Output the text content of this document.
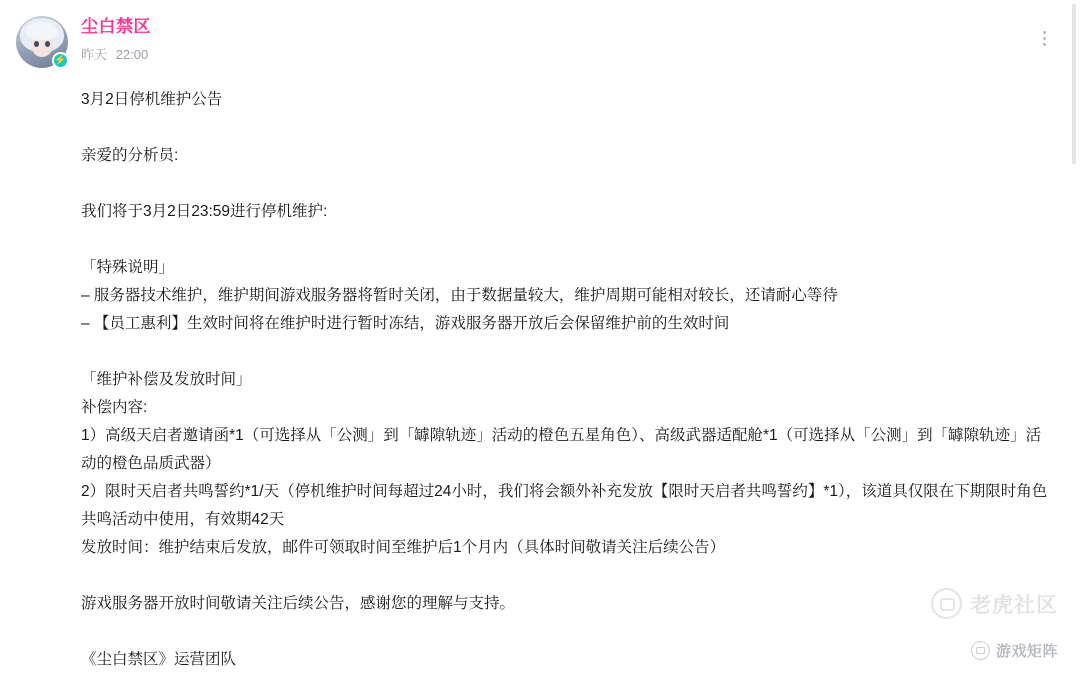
⚡
尘白禁区
昨天 22:00

3月2日停机维护公告

亲爱的分析员:

我们将于3月2日23:59进行停机维护:

「特殊说明」

– 服务器技术维护，维护期间游戏服务器将暂时关闭，由于数据量较大，维护周期可能相对较长，还请耐心等待

– 【员工惠利】生效时间将在维护时进行暂时冻结，游戏服务器开放后会保留维护前的生效时间

「维护补偿及发放时间」

补偿内容:

1）高级天启者邀请函*1（可选择从「公测」到「罅隙轨迹」活动的橙色五星角色）、高级武器适配舱*1（可选择从「公测」到「罅隙轨迹」活动的橙色品质武器）

2）限时天启者共鸣誓约*1/天（停机维护时间每超过24小时，我们将会额外补充发放【限时天启者共鸣誓约】*1），该道具仅限在下期限时角色共鸣活动中使用，有效期42天

发放时间：维护结束后发放，邮件可领取时间至维护后1个月内（具体时间敬请关注后续公告）

游戏服务器开放时间敬请关注后续公告，感谢您的理解与支持。

《尘白禁区》运营团队

老虎社区
游戏矩阵
